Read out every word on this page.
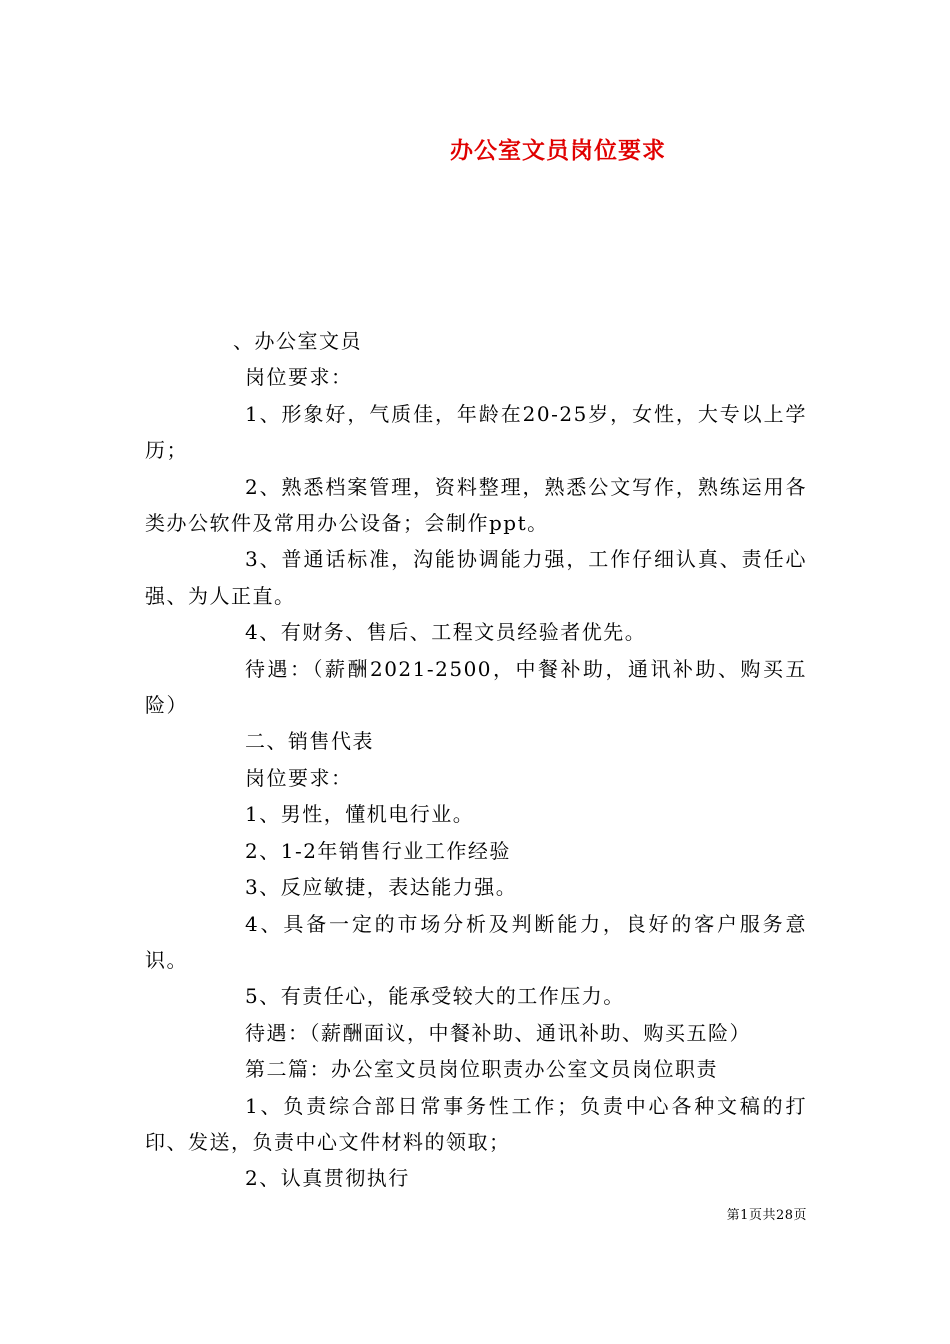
办公室文员岗位要求

、办公室文员

岗位要求：

1、形象好，气质佳，年龄在20-25岁，女性，大专以上学历；

2、熟悉档案管理，资料整理，熟悉公文写作，熟练运用各类办公软件及常用办公设备；会制作ppt。

3、普通话标准，沟能协调能力强，工作仔细认真、责任心强、为人正直。

4、有财务、售后、工程文员经验者优先。

待遇：（薪酬2021-2500，中餐补助，通讯补助、购买五险）

二、销售代表

岗位要求：

1、男性，懂机电行业。

2、1-2年销售行业工作经验

3、反应敏捷，表达能力强。

4、具备一定的市场分析及判断能力，良好的客户服务意识。

5、有责任心，能承受较大的工作压力。

待遇：（薪酬面议，中餐补助、通讯补助、购买五险）

第二篇：办公室文员岗位职责办公室文员岗位职责

1、负责综合部日常事务性工作；负责中心各种文稿的打印、发送，负责中心文件材料的领取；

2、认真贯彻执行

第1页共28页
